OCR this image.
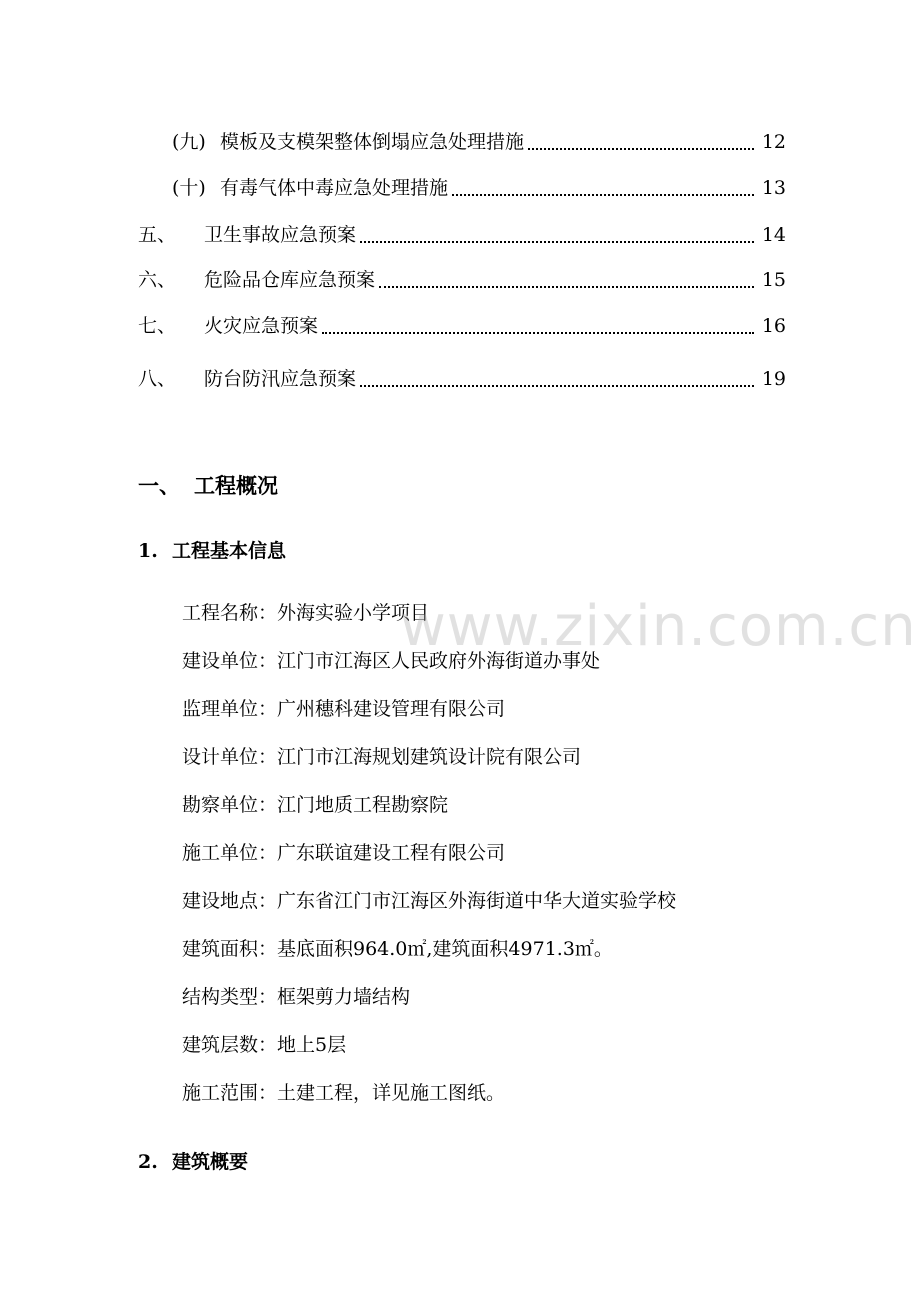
(九) 模板及支模架整体倒塌应急处理措施	12
(十) 有毒气体中毒应急处理措施	13
五、 卫生事故应急预案	14
六、 危险品仓库应急预案	15
七、 火灾应急预案	16
八、 防台防汛应急预案	19
一、 工程概况
1. 工程基本信息
工程名称：外海实验小学项目
建设单位：江门市江海区人民政府外海街道办事处
监理单位：广州穗科建设管理有限公司
设计单位：江门市江海规划建筑设计院有限公司
勘察单位：江门地质工程勘察院
施工单位：广东联谊建设工程有限公司
建设地点：广东省江门市江海区外海街道中华大道实验学校
建筑面积：基底面积964.0㎡,建筑面积4971.3㎡。
结构类型：框架剪力墙结构
建筑层数：地上5层
施工范围：土建工程，详见施工图纸。
2. 建筑概要
www.zixin.com.cn
